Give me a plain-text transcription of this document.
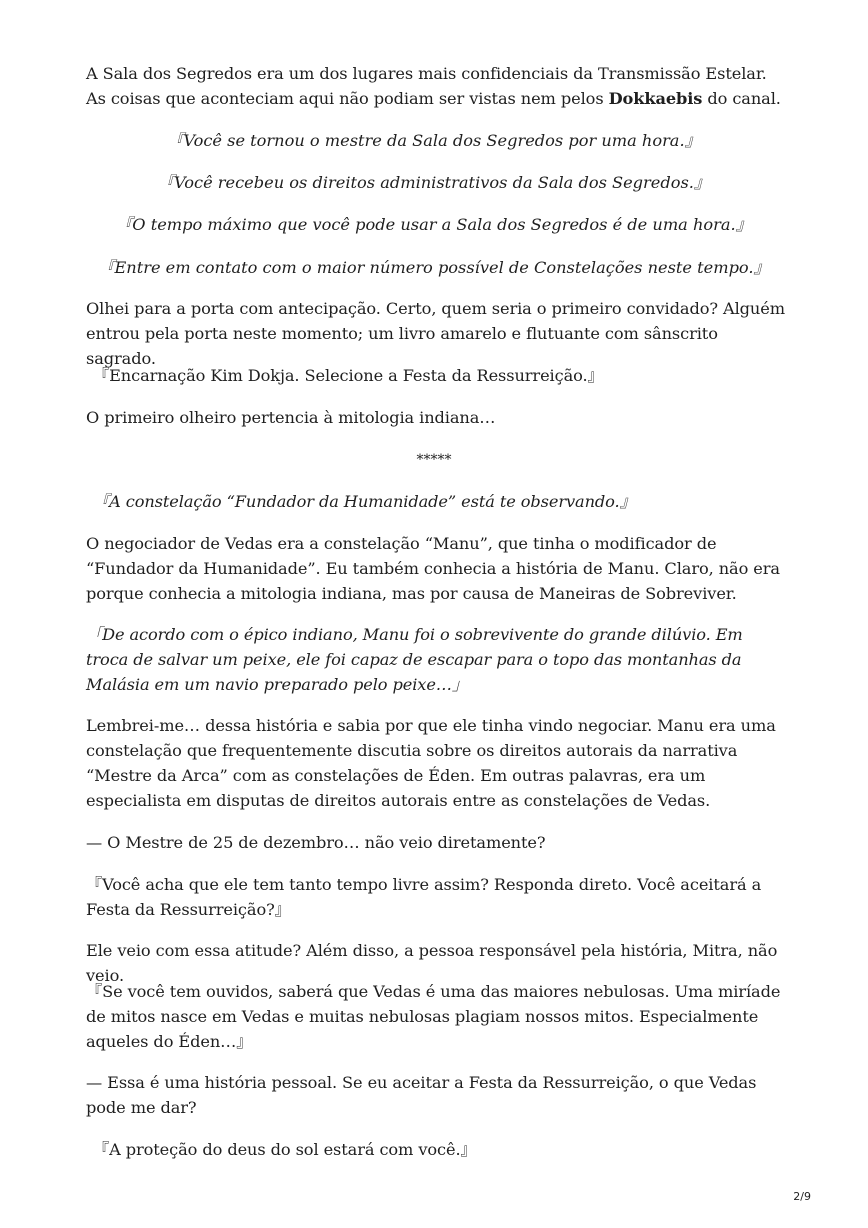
A Sala dos Segredos era um dos lugares mais confidenciais da Transmissão Estelar. As coisas que aconteciam aqui não podiam ser vistas nem pelos Dokkaebis do canal.

『Você se tornou o mestre da Sala dos Segredos por uma hora.』

『Você recebeu os direitos administrativos da Sala dos Segredos.』

『O tempo máximo que você pode usar a Sala dos Segredos é de uma hora.』

『Entre em contato com o maior número possível de Constelações neste tempo.』

Olhei para a porta com antecipação. Certo, quem seria o primeiro convidado? Alguém entrou pela porta neste momento; um livro amarelo e flutuante com sânscrito sagrado.

『Encarnação Kim Dokja. Selecione a Festa da Ressurreição.』

O primeiro olheiro pertencia à mitologia indiana…

*****

『A constelação “Fundador da Humanidade” está te observando.』

O negociador de Vedas era a constelação “Manu”, que tinha o modificador de “Fundador da Humanidade”. Eu também conhecia a história de Manu. Claro, não era porque conhecia a mitologia indiana, mas por causa de Maneiras de Sobreviver.

「De acordo com o épico indiano, Manu foi o sobrevivente do grande dilúvio. Em troca de salvar um peixe, ele foi capaz de escapar para o topo das montanhas da Malásia em um navio preparado pelo peixe…」

Lembrei-me… dessa história e sabia por que ele tinha vindo negociar. Manu era uma constelação que frequentemente discutia sobre os direitos autorais da narrativa “Mestre da Arca” com as constelações de Éden. Em outras palavras, era um especialista em disputas de direitos autorais entre as constelações de Vedas.

— O Mestre de 25 de dezembro… não veio diretamente?

『Você acha que ele tem tanto tempo livre assim? Responda direto. Você aceitará a Festa da Ressurreição?』

Ele veio com essa atitude? Além disso, a pessoa responsável pela história, Mitra, não veio.

『Se você tem ouvidos, saberá que Vedas é uma das maiores nebulosas. Uma miríade de mitos nasce em Vedas e muitas nebulosas plagiam nossos mitos. Especialmente aqueles do Éden…』

— Essa é uma história pessoal. Se eu aceitar a Festa da Ressurreição, o que Vedas pode me dar?

『A proteção do deus do sol estará com você.』

2/9
